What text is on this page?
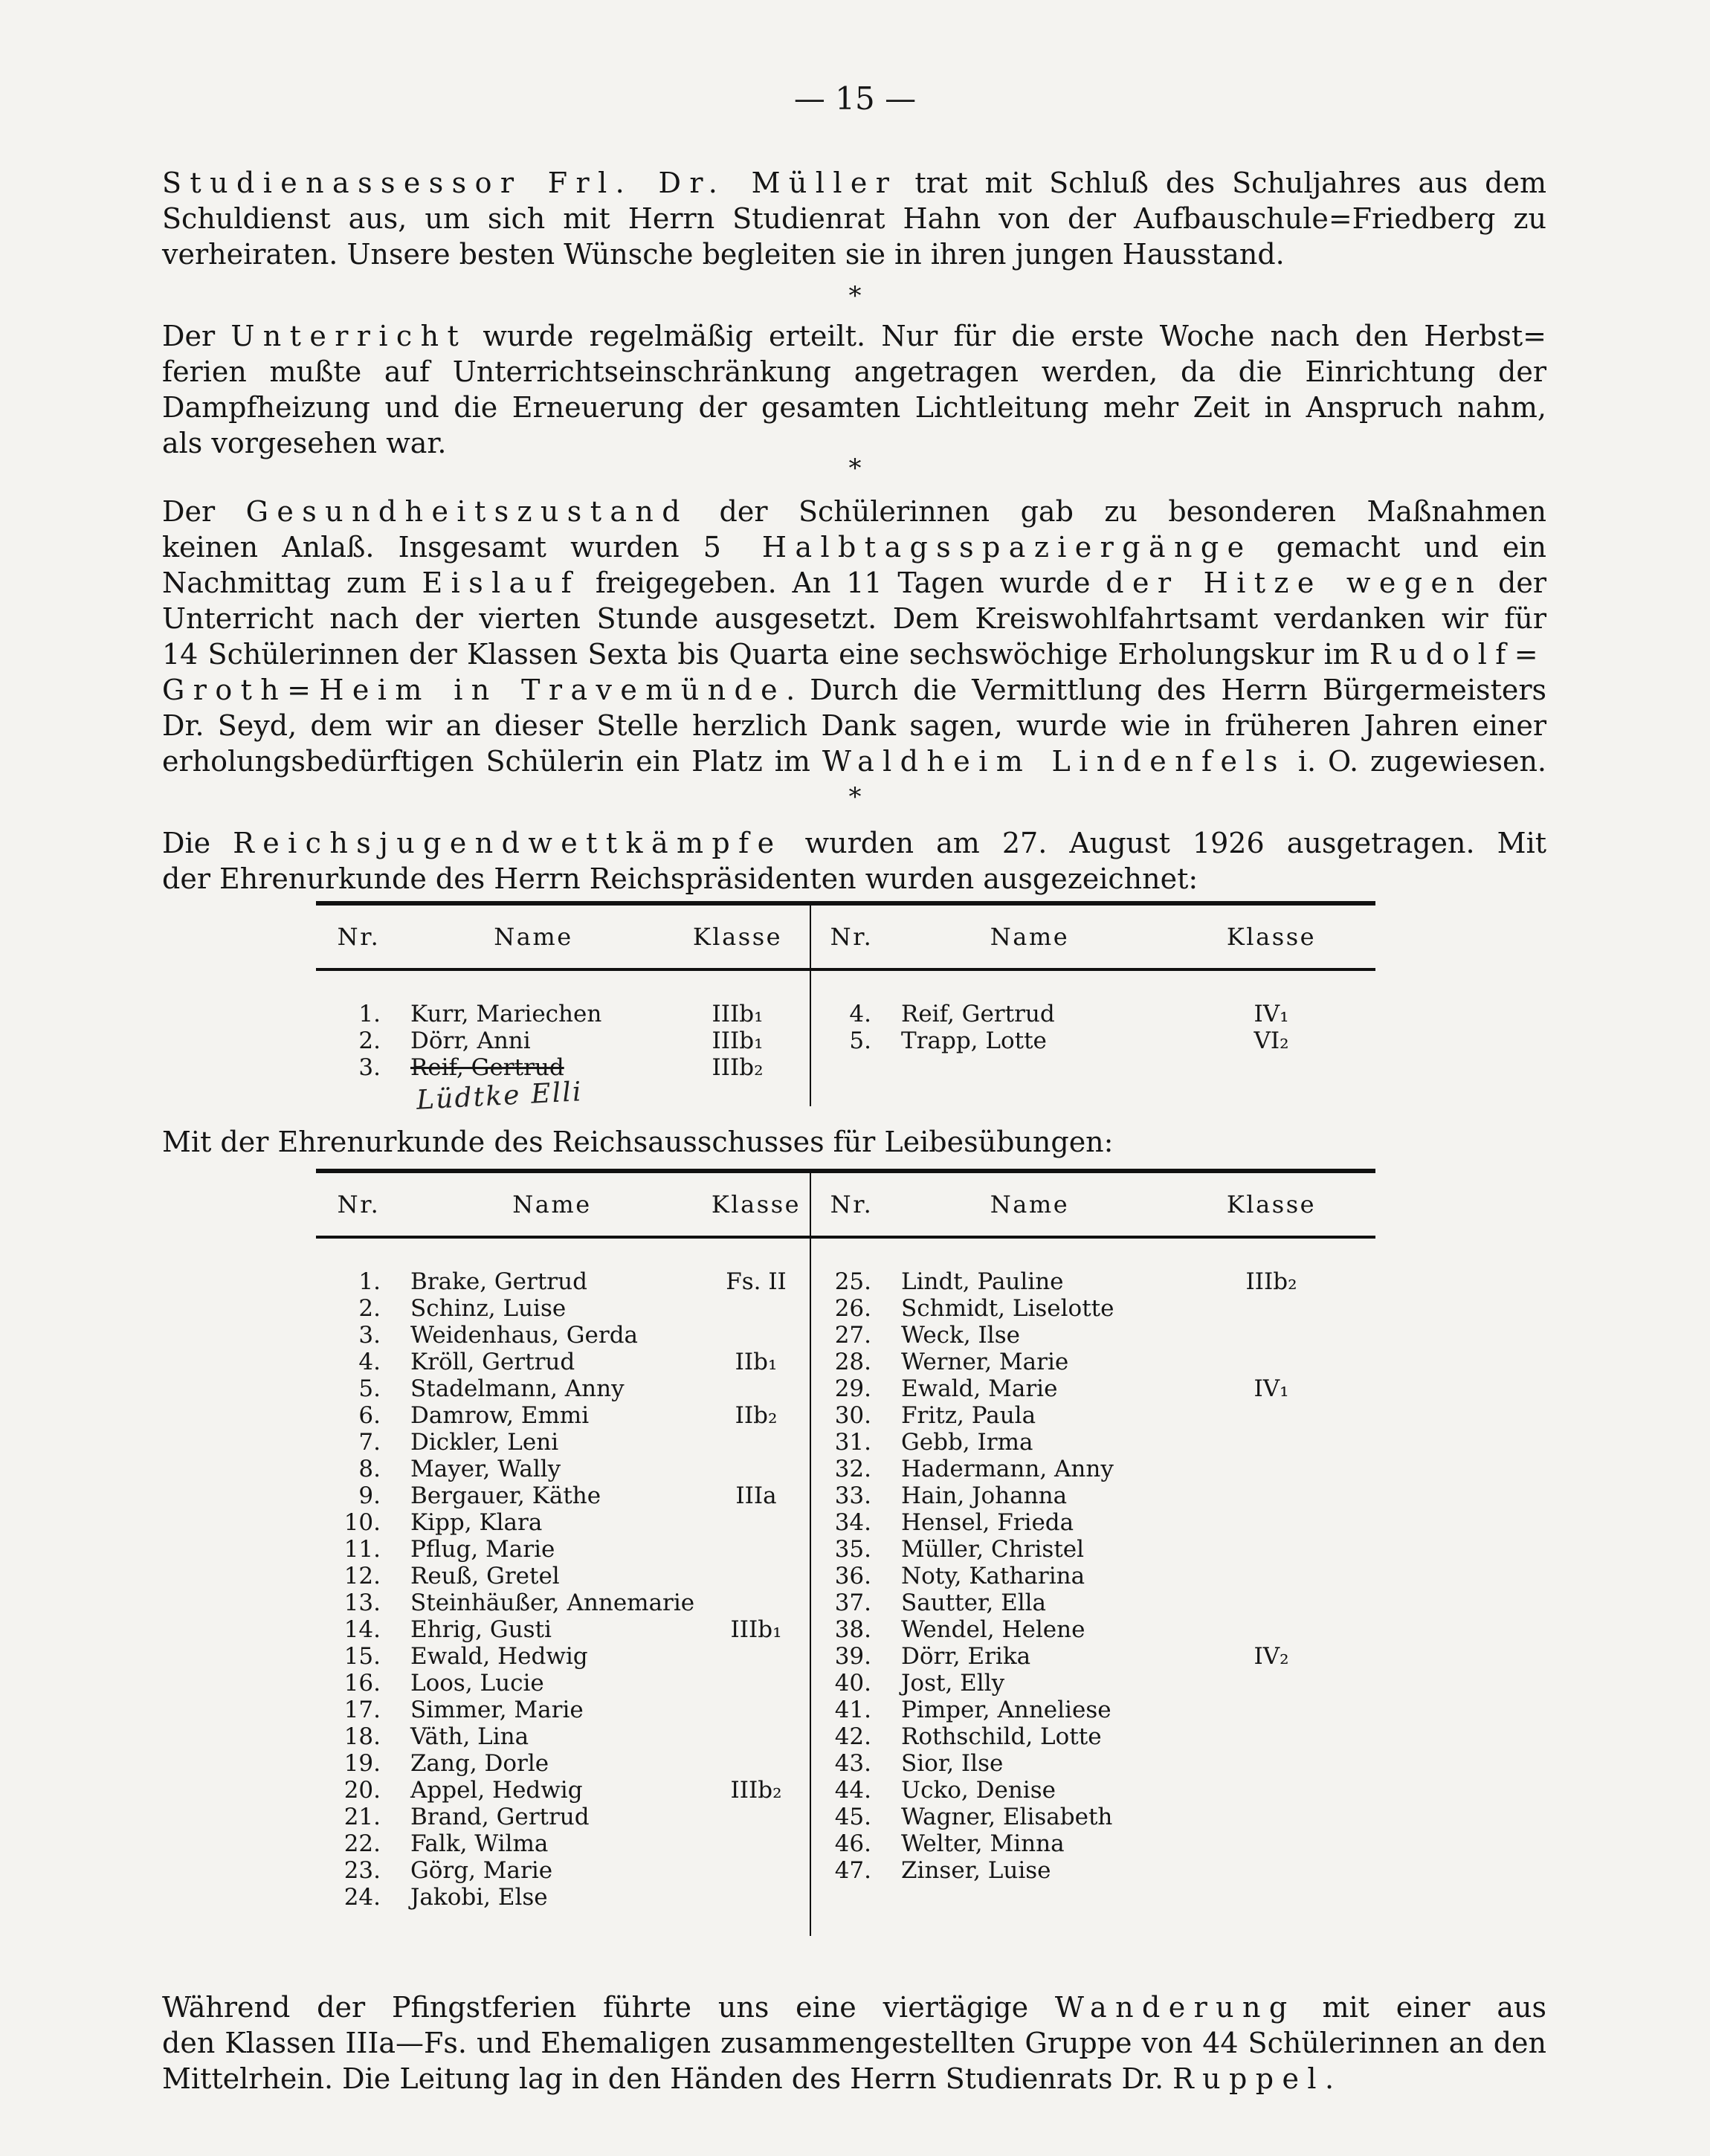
— 15 —
Studienassessor Frl. Dr. Müller trat mit Schluß des Schuljahres aus dem
Schuldienst aus, um sich mit Herrn Studienrat Hahn von der Aufbauschule=Friedberg zu
verheiraten. Unsere besten Wünsche begleiten sie in ihren jungen Hausstand.
*
Der Unterricht wurde regelmäßig erteilt. Nur für die erste Woche nach den Herbst=
ferien mußte auf Unterrichtseinschränkung angetragen werden, da die Einrichtung der
Dampfheizung und die Erneuerung der gesamten Lichtleitung mehr Zeit in Anspruch nahm,
als vorgesehen war.
*
Der Gesundheitszustand der Schülerinnen gab zu besonderen Maßnahmen
keinen Anlaß. Insgesamt wurden 5 Halbtagsspaziergänge gemacht und ein
Nachmittag zum Eislauf freigegeben. An 11 Tagen wurde der Hitze wegen der
Unterricht nach der vierten Stunde ausgesetzt. Dem Kreiswohlfahrtsamt verdanken wir für
14 Schülerinnen der Klassen Sexta bis Quarta eine sechswöchige Erholungskur im Rudolf=
Groth=Heim in Travemünde. Durch die Vermittlung des Herrn Bürgermeisters
Dr. Seyd, dem wir an dieser Stelle herzlich Dank sagen, wurde wie in früheren Jahren einer
erholungsbedürftigen Schülerin ein Platz im Waldheim Lindenfels i. O. zugewiesen.
*
Die Reichsjugendwettkämpfe wurden am 27. August 1926 ausgetragen. Mit
der Ehrenurkunde des Herrn Reichspräsidenten wurden ausgezeichnet:
Nr.	Name	Klasse	Nr.	Name	Klasse

1.	Kurr, Mariechen	IIIb₁	4.	Reif, Gertrud	IV₁
2.	Dörr, Anni	IIIb₁	5.	Trapp, Lotte	VI₂
3.	Reif, Gertrud	IIIb₂			

Lüdtke Elli
Mit der Ehrenurkunde des Reichsausschusses für Leibesübungen:
Nr.	Name	Klasse	Nr.	Name	Klasse

1.	Brake, Gertrud	Fs. II	25.	Lindt, Pauline	IIIb₂
2.	Schinz, Luise		26.	Schmidt, Liselotte	
3.	Weidenhaus, Gerda		27.	Weck, Ilse	
4.	Kröll, Gertrud	IIb₁	28.	Werner, Marie	
5.	Stadelmann, Anny		29.	Ewald, Marie	IV₁
6.	Damrow, Emmi	IIb₂	30.	Fritz, Paula	
7.	Dickler, Leni		31.	Gebb, Irma	
8.	Mayer, Wally		32.	Hadermann, Anny	
9.	Bergauer, Käthe	IIIa	33.	Hain, Johanna	
10.	Kipp, Klara		34.	Hensel, Frieda	
11.	Pflug, Marie		35.	Müller, Christel	
12.	Reuß, Gretel		36.	Noty, Katharina	
13.	Steinhäußer, Annemarie		37.	Sautter, Ella	
14.	Ehrig, Gusti	IIIb₁	38.	Wendel, Helene	
15.	Ewald, Hedwig		39.	Dörr, Erika	IV₂
16.	Loos, Lucie		40.	Jost, Elly	
17.	Simmer, Marie		41.	Pimper, Anneliese	
18.	Väth, Lina		42.	Rothschild, Lotte	
19.	Zang, Dorle		43.	Sior, Ilse	
20.	Appel, Hedwig	IIIb₂	44.	Ucko, Denise	
21.	Brand, Gertrud		45.	Wagner, Elisabeth	
22.	Falk, Wilma		46.	Welter, Minna	
23.	Görg, Marie		47.	Zinser, Luise	
24.	Jakobi, Else				

Während der Pfingstferien führte uns eine viertägige Wanderung mit einer aus
den Klassen IIIa—Fs. und Ehemaligen zusammengestellten Gruppe von 44 Schülerinnen an den
Mittelrhein. Die Leitung lag in den Händen des Herrn Studienrats Dr. Ruppel.
